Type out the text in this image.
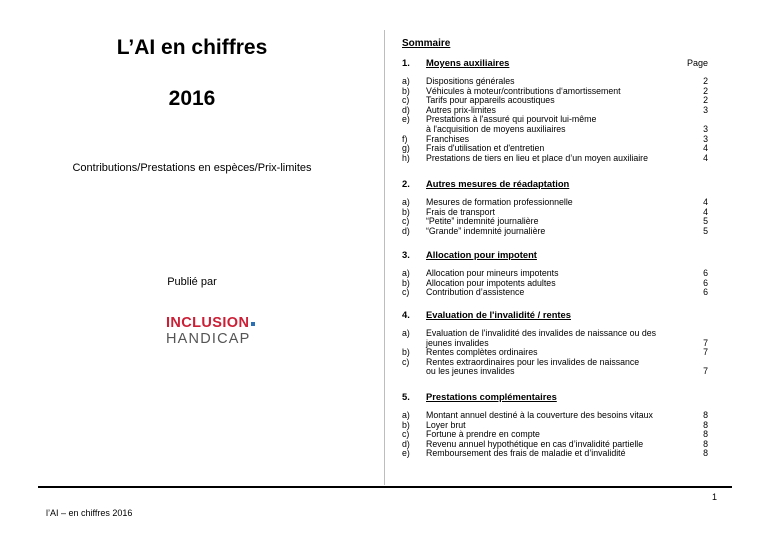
L’AI en chiffres
2016
Contributions/Prestations en espèces/Prix-limites
Publié par
INCLUSION
HANDICAP
Sommaire
Page
1. Moyens auxiliaires
a)	Dispositions générales	2
b)	Véhicules à moteur/contributions d‘amortissement	2
c)	Tarifs pour appareils acoustiques	2
d)	Autres prix-limites	3
e)	Prestations à l'assuré qui pourvoit lui-même
à l'acquisition de moyens auxiliaires	3
f)	Franchises	3
g)	Frais d'utilisation et d'entretien	4
h)	Prestations de tiers en lieu et place d’un moyen auxiliaire	4
2. Autres mesures de réadaptation
a)	Mesures de formation professionnelle	4
b)	Frais de transport	4
c)	“Petite” indemnité journalière	5
d)	“Grande” indemnité journalière	5
3. Allocation pour impotent
a)	Allocation pour mineurs impotents	6
b)	Allocation pour impotents adultes	6
c)	Contribution d’assistence	6
4. Evaluation de l'invalidité / rentes
a)	Evaluation de l'invalidité des invalides de naissance ou des
jeunes invalides	7
b)	Rentes complètes ordinaires	7
c)	Rentes extraordinaires pour les invalides de naissance
ou les jeunes invalides	7
5. Prestations complémentaires
a)	Montant annuel destiné à la couverture des besoins vitaux	8
b)	Loyer brut	8
c)	Fortune à prendre en compte	8
d)	Revenu annuel hypothétique en cas d’invalidité partielle	8
e)	Remboursement des frais de maladie et d’invalidité	8
l’AI – en chiffres 2016
1
